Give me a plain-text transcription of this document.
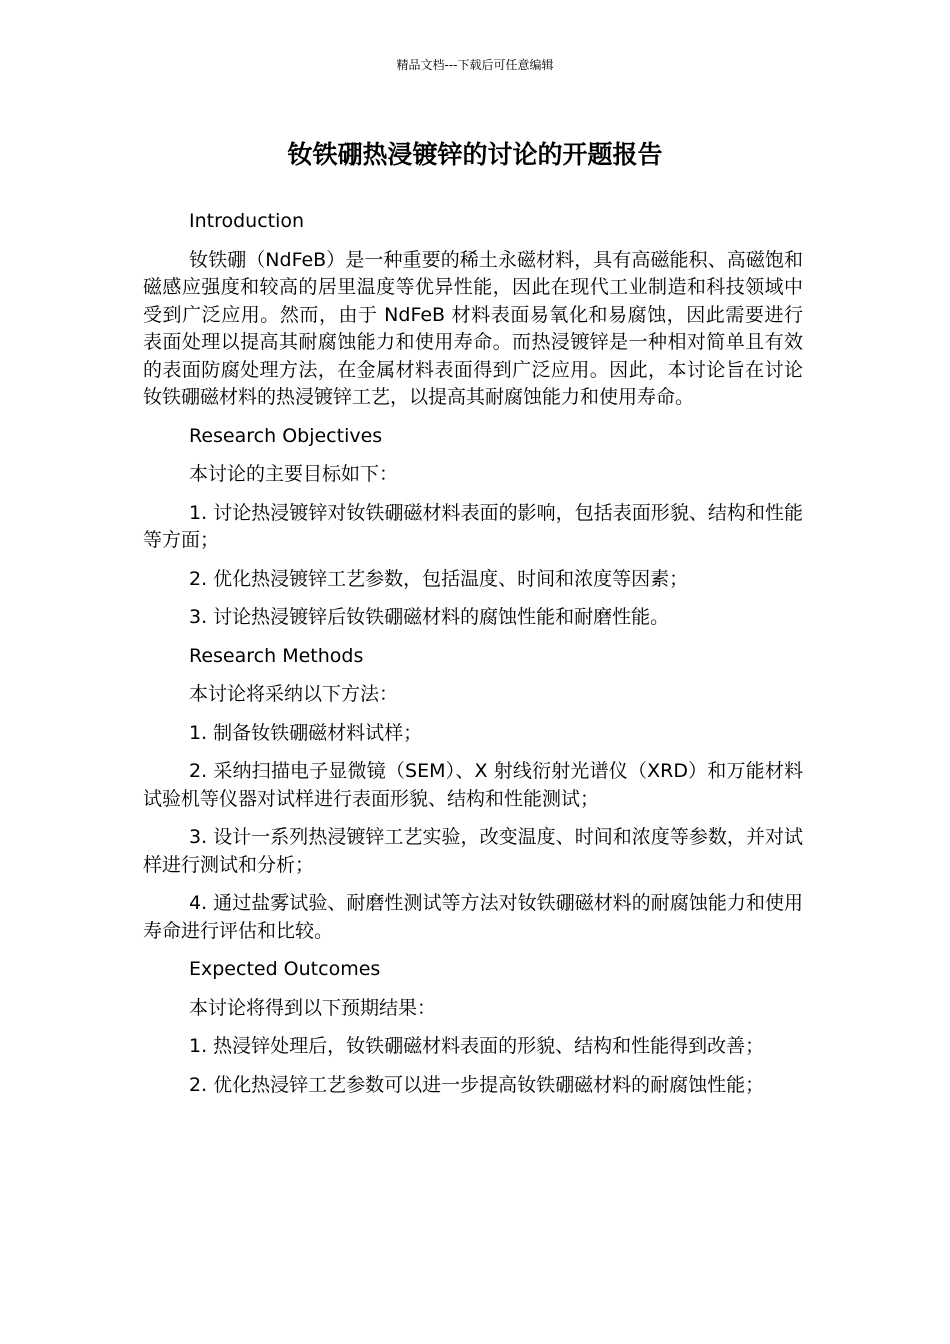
精品文档---下载后可任意编辑
钕铁硼热浸镀锌的讨论的开题报告

Introduction

钕铁硼（NdFeB）是一种重要的稀土永磁材料，具有高磁能积、高磁饱和磁感应强度和较高的居里温度等优异性能，因此在现代工业制造和科技领域中受到广泛应用。然而，由于 NdFeB 材料表面易氧化和易腐蚀，因此需要进行表面处理以提高其耐腐蚀能力和使用寿命。而热浸镀锌是一种相对简单且有效的表面防腐处理方法，在金属材料表面得到广泛应用。因此，本讨论旨在讨论钕铁硼磁材料的热浸镀锌工艺，以提高其耐腐蚀能力和使用寿命。

Research Objectives

本讨论的主要目标如下：

1. 讨论热浸镀锌对钕铁硼磁材料表面的影响，包括表面形貌、结构和性能等方面；

2. 优化热浸镀锌工艺参数，包括温度、时间和浓度等因素；

3. 讨论热浸镀锌后钕铁硼磁材料的腐蚀性能和耐磨性能。

Research Methods

本讨论将采纳以下方法：

1. 制备钕铁硼磁材料试样；

2. 采纳扫描电子显微镜（SEM）、X 射线衍射光谱仪（XRD）和万能材料试验机等仪器对试样进行表面形貌、结构和性能测试；

3. 设计一系列热浸镀锌工艺实验，改变温度、时间和浓度等参数，并对试样进行测试和分析；

4. 通过盐雾试验、耐磨性测试等方法对钕铁硼磁材料的耐腐蚀能力和使用寿命进行评估和比较。

Expected Outcomes

本讨论将得到以下预期结果：

1. 热浸锌处理后，钕铁硼磁材料表面的形貌、结构和性能得到改善；

2. 优化热浸锌工艺参数可以进一步提高钕铁硼磁材料的耐腐蚀性能；
